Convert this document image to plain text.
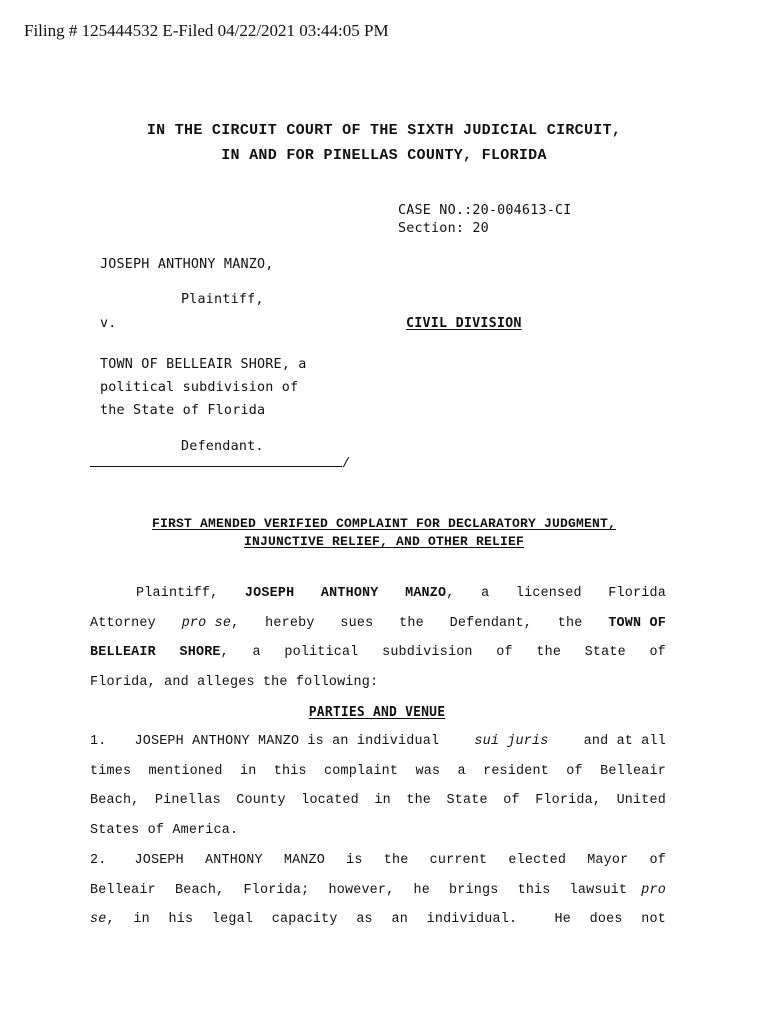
Filing # 125444532 E-Filed 04/22/2021 03:44:05 PM
IN THE CIRCUIT COURT OF THE SIXTH JUDICIAL CIRCUIT,
IN AND FOR PINELLAS COUNTY, FLORIDA
CASE NO.:20-004613-CI
Section: 20
JOSEPH ANTHONY MANZO,
Plaintiff,
v.	CIVIL DIVISION
TOWN OF BELLEAIR SHORE, a
political subdivision of
the State of Florida
Defendant.
/
FIRST AMENDED VERIFIED COMPLAINT FOR DECLARATORY JUDGMENT,
INJUNCTIVE RELIEF, AND OTHER RELIEF
Plaintiff, JOSEPH ANTHONY MANZO, a licensed Florida
Attorney pro se, hereby sues the Defendant, the TOWN OF
BELLEAIR SHORE, a political subdivision of the State of
Florida, and alleges the following:
PARTIES AND VENUE
1. JOSEPH ANTHONY MANZO is an individual	sui juris	and at all
times mentioned in this complaint was a resident of Belleair
Beach, Pinellas County located in the State of Florida, United
States of America.
2.	JOSEPH ANTHONY MANZO is the current elected Mayor of
Belleair Beach, Florida; however, he brings this lawsuit	pro
se , in his legal capacity as an individual.  He does not
